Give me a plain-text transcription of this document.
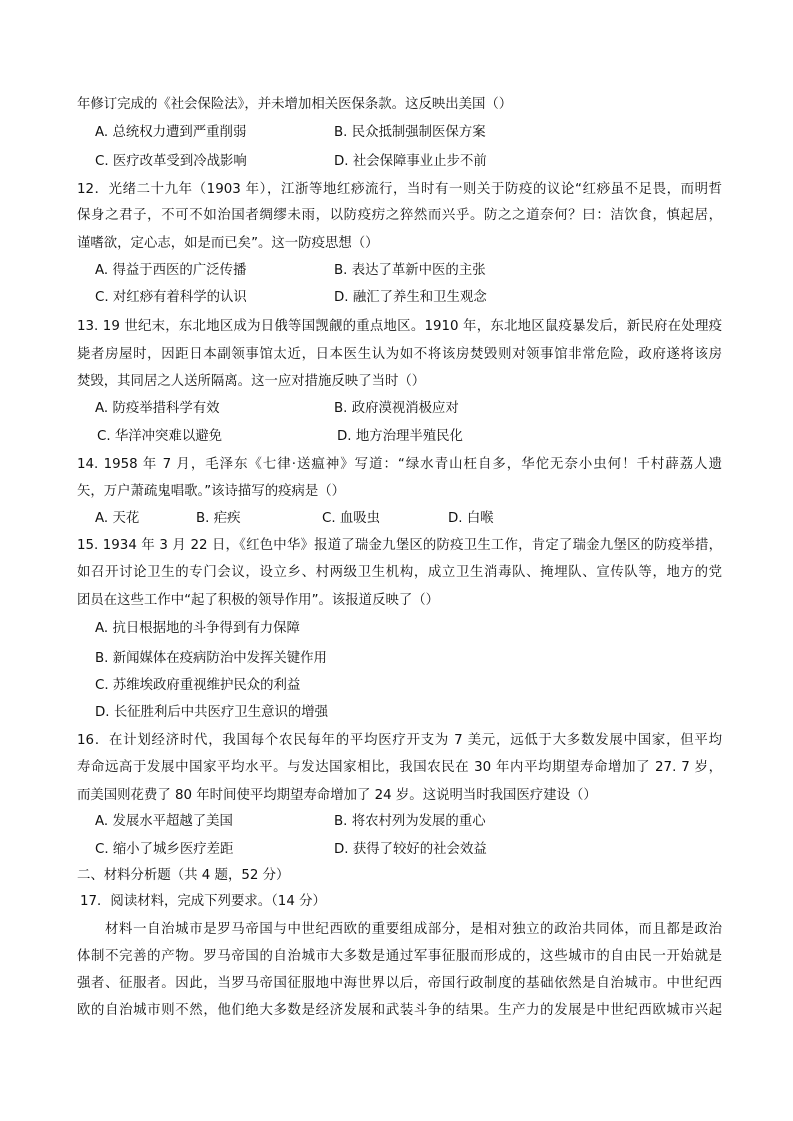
年修订完成的《社会保险法》，并未增加相关医保条款。这反映出美国（）
A. 总统权力遭到严重削弱	B. 民众抵制强制医保方案
C. 医疗改革受到冷战影响	D. 社会保障事业止步不前
12．光绪二十九年（1903 年），江浙等地红痧流行，当时有一则关于防疫的议论“红痧虽不足畏，而明哲
保身之君子，不可不如治国者绸缪未雨，以防疫疠之猝然而兴乎。防之之道奈何？曰：洁饮食，慎起居，
谨嗜欲，定心志，如是而已矣”。这一防疫思想（）
A. 得益于西医的广泛传播	B. 表达了革新中医的主张
C. 对红痧有着科学的认识	D. 融汇了养生和卫生观念
13. 19 世纪末，东北地区成为日俄等国觊觎的重点地区。1910 年，东北地区鼠疫暴发后，新民府在处理疫
毙者房屋时，因距日本副领事馆太近，日本医生认为如不将该房焚毁则对领事馆非常危险，政府遂将该房
焚毁，其同居之人送所隔离。这一应对措施反映了当时（）
A. 防疫举措科学有效	B. 政府漠视消极应对
C. 华洋冲突难以避免	D. 地方治理半殖民化
14. 1958 年 7 月，毛泽东《七律·送瘟神》写道：“绿水青山枉自多，华佗无奈小虫何！千村薜荔人遗
矢，万户萧疏鬼唱歌。”该诗描写的疫病是（）
A. 天花	B. 疟疾	C. 血吸虫	D. 白喉
15. 1934 年 3 月 22 日，《红色中华》报道了瑞金九堡区的防疫卫生工作，肯定了瑞金九堡区的防疫举措，
如召开讨论卫生的专门会议，设立乡、村两级卫生机构，成立卫生消毒队、掩埋队、宣传队等，地方的党
团员在这些工作中“起了积极的领导作用”。该报道反映了（）
A. 抗日根据地的斗争得到有力保障
B. 新闻媒体在疫病防治中发挥关键作用
C. 苏维埃政府重视维护民众的利益
D. 长征胜利后中共医疗卫生意识的增强
16．在计划经济时代，我国每个农民每年的平均医疗开支为 7 美元，远低于大多数发展中国家，但平均
寿命远高于发展中国家平均水平。与发达国家相比，我国农民在 30 年内平均期望寿命增加了 27. 7 岁，
而美国则花费了 80 年时间使平均期望寿命增加了 24 岁。这说明当时我国医疗建设（）
A. 发展水平超越了美国	B. 将农村列为发展的重心
C. 缩小了城乡医疗差距	D. 获得了较好的社会效益
二、材料分析题（共 4 题，52 分）
17．阅读材料，完成下列要求。（14 分）
材料一自治城市是罗马帝国与中世纪西欧的重要组成部分，是相对独立的政治共同体，而且都是政治
体制不完善的产物。罗马帝国的自治城市大多数是通过军事征服而形成的，这些城市的自由民一开始就是
强者、征服者。因此，当罗马帝国征服地中海世界以后，帝国行政制度的基础依然是自治城市。中世纪西
欧的自治城市则不然，他们绝大多数是经济发展和武装斗争的结果。生产力的发展是中世纪西欧城市兴起
